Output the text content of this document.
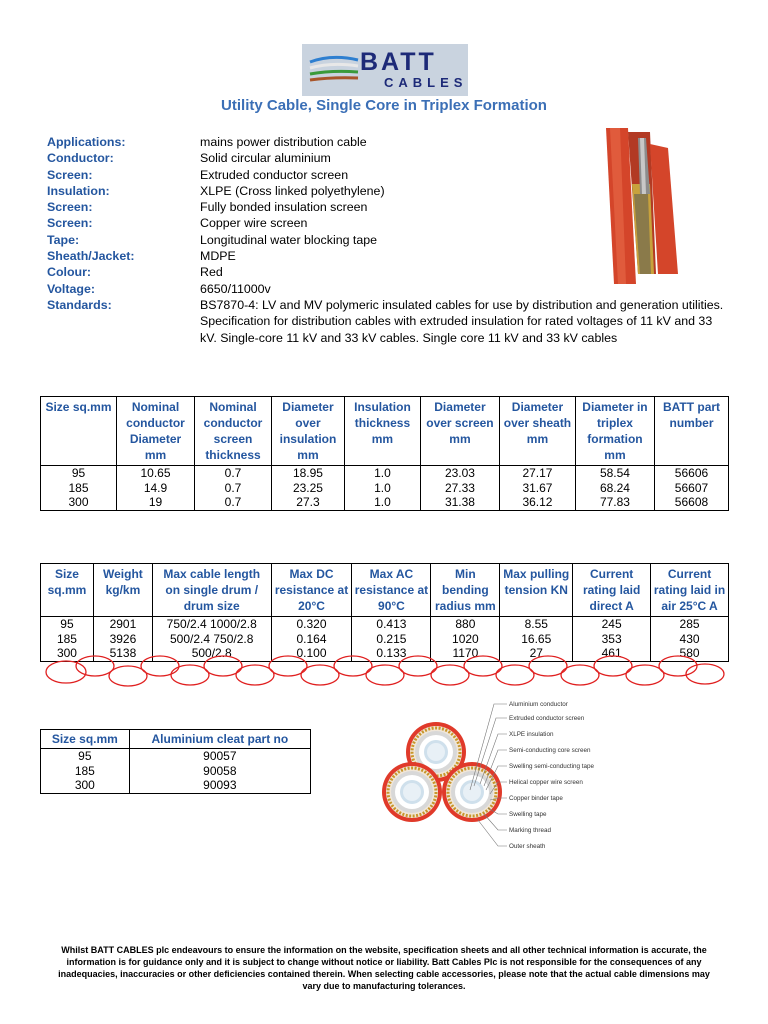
BATT
CABLES
Utility Cable, Single Core in Triplex Formation
Applications:	mains power distribution cable
Conductor:	Solid circular aluminium
Screen:	Extruded conductor screen
Insulation:	XLPE (Cross linked polyethylene)
Screen:	Fully bonded insulation screen
Screen:	Copper wire screen
Tape:	Longitudinal water blocking tape
Sheath/Jacket:	MDPE
Colour:	Red
Voltage:	6650/11000v
Standards:	BS7870-4: LV and MV polymeric insulated cables for use by distribution and generation utilities. Specification for distribution cables with extruded insulation for rated voltages of 11 kV and 33 kV. Single-core 11 kV and 33 kV cables. Single core 11 kV and 33 kV cables
Size sq.mm	Nominal conductor Diameter mm	Nominal conductor screen thickness	Diameter over insulation mm	Insulation thickness mm	Diameter over screen mm	Diameter over sheath mm	Diameter in triplex formation mm	BATT part number
95	10.65	0.7	18.95	1.0	23.03	27.17	58.54	56606
185	14.9	0.7	23.25	1.0	27.33	31.67	68.24	56607
300	19	0.7	27.3	1.0	31.38	36.12	77.83	56608
Size sq.mm	Weight kg/km	Max cable length on single drum / drum size	Max DC resistance at 20°C	Max AC resistance at 90°C	Min bending radius mm	Max pulling tension KN	Current rating laid direct A	Current rating laid in air 25°C A
95	2901	750/2.4 1000/2.8	0.320	0.413	880	8.55	245	285
185	3926	500/2.4 750/2.8	0.164	0.215	1020	16.65	353	430
300	5138	500/2.8	0.100	0.133	1170	27	461	580
Size sq.mm	Aluminium cleat part no
95	90057
185	90058
300	90093
Aluminium conductor
Extruded conductor screen
XLPE insulation
Semi-conducting core screen
Swelling semi-conducting tape
Helical copper wire screen
Copper binder tape
Swelling tape
Marking thread
Outer sheath
Whilst BATT CABLES plc endeavours to ensure the information on the website, specification sheets and all other technical information is accurate, the information is for guidance only and it is subject to change without notice or liability. Batt Cables Plc is not responsible for the consequences of any inadequacies, inaccuracies or other deficiencies contained therein. When selecting cable accessories, please note that the actual cable dimensions may vary due to manufacturing tolerances.
